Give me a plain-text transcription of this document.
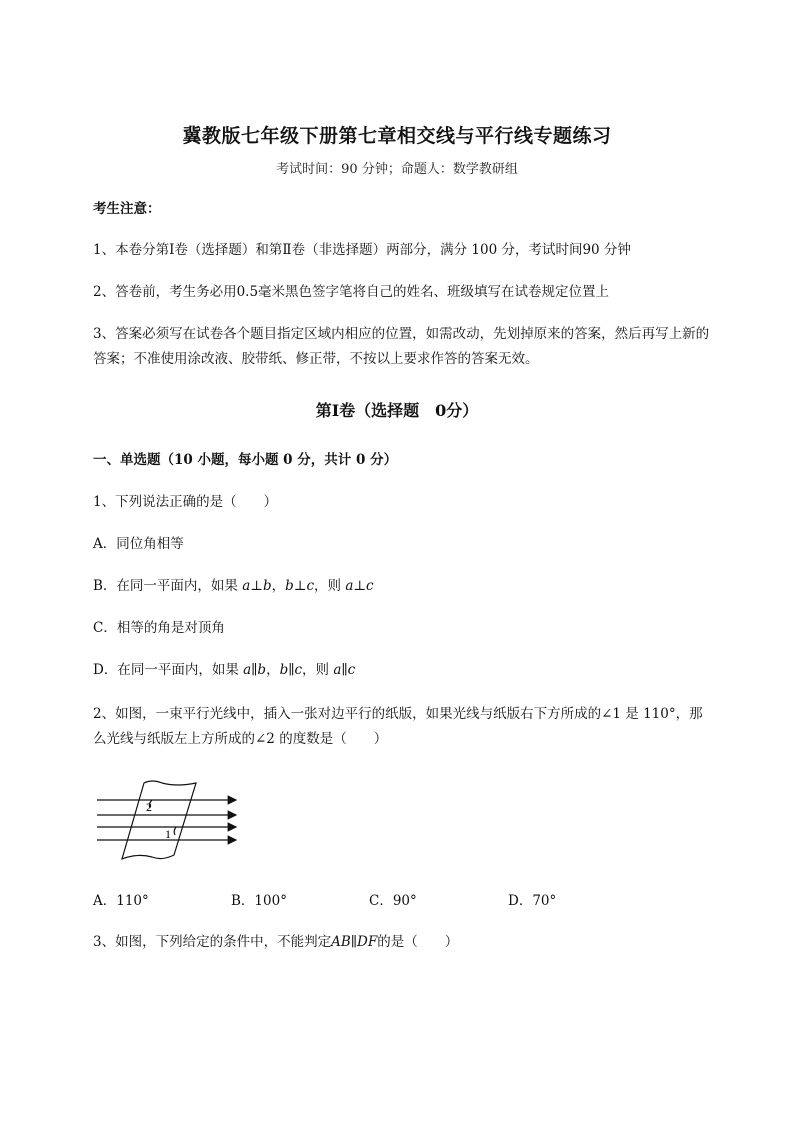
冀教版七年级下册第七章相交线与平行线专题练习
考试时间：90 分钟；命题人：数学教研组
考生注意：
1、本卷分第Ⅰ卷（选择题）和第Ⅱ卷（非选择题）两部分，满分 100 分，考试时间90 分钟
2、答卷前，考生务必用0.5毫米黑色签字笔将自己的姓名、班级填写在试卷规定位置上
3、答案必须写在试卷各个题目指定区域内相应的位置，如需改动，先划掉原来的答案，然后再写上新的答案；不准使用涂改液、胶带纸、修正带，不按以上要求作答的答案无效。
第Ⅰ卷（选择题　0分）
一、单选题（10 小题，每小题 0 分，共计 0 分）
1、下列说法正确的是（　　）
A．同位角相等
B．在同一平面内，如果 a⊥b，b⊥c，则 a⊥c
C．相等的角是对顶角
D．在同一平面内，如果 a∥b，b∥c，则 a∥c
2、如图，一束平行光线中，插入一张对边平行的纸版，如果光线与纸版右下方所成的∠1 是 110°，那么光线与纸版左上方所成的∠2 的度数是（　　）
2
1
A．110°	B．100°	C．90°	D．70°
3、如图，下列给定的条件中，不能判定AB∥DF的是（　　）
